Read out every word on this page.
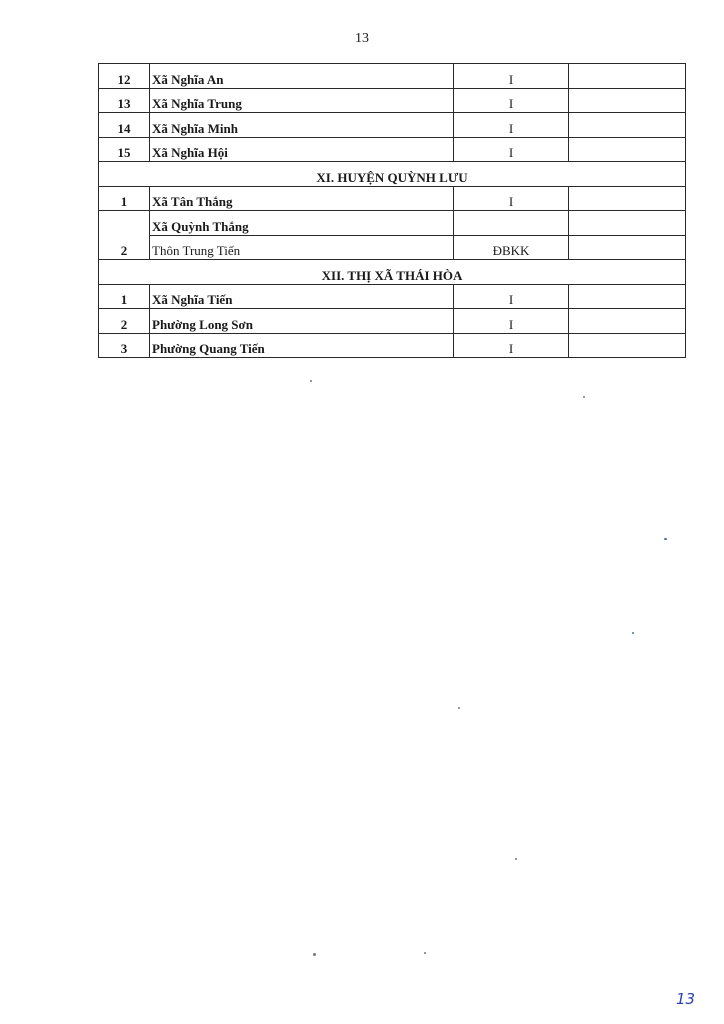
13
12	Xã Nghĩa An	I	
13	Xã Nghĩa Trung	I	
14	Xã Nghĩa Minh	I	
15	Xã Nghĩa Hội	I	
XI. HUYỆN QUỲNH LƯU			
1	Xã Tân Thắng	I	
2	Xã Quỳnh Thắng		
	Thôn Trung Tiến	ĐBKK	
XII. THỊ XÃ THÁI HÒA			
1	Xã Nghĩa Tiến	I	
2	Phường Long Sơn	I	
3	Phường Quang Tiến	I	
13
